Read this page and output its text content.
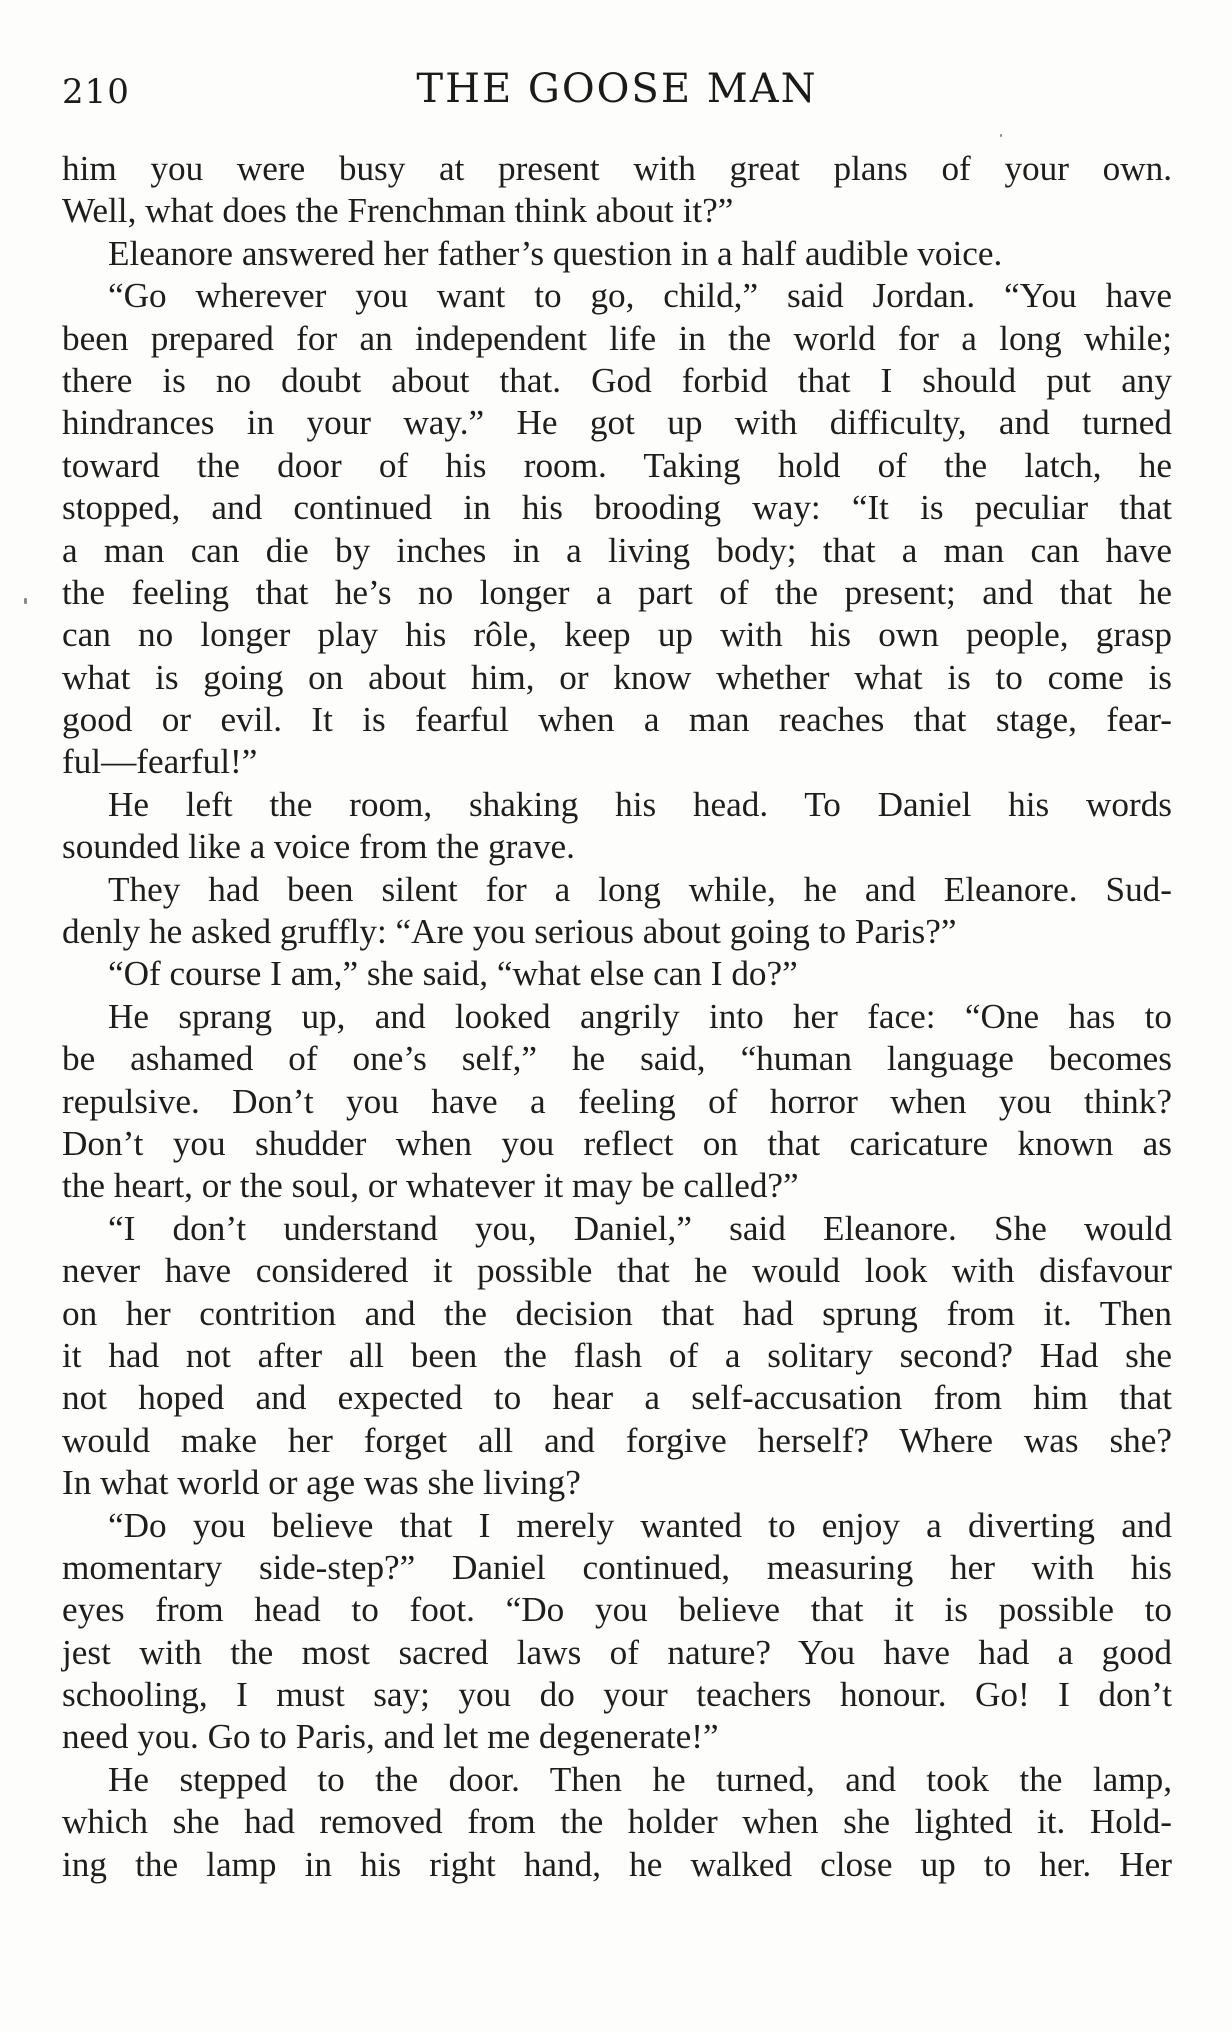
210	THE GOOSE MAN
him you were busy at present with great plans of your own.
Well, what does the Frenchman think about it?”
Eleanore answered her father’s question in a half audible voice.
“Go wherever you want to go, child,” said Jordan. “You have
been prepared for an independent life in the world for a long while;
there is no doubt about that. God forbid that I should put any
hindrances in your way.” He got up with difficulty, and turned
toward the door of his room. Taking hold of the latch, he
stopped, and continued in his brooding way: “It is peculiar that
a man can die by inches in a living body; that a man can have
the feeling that he’s no longer a part of the present; and that he
can no longer play his rôle, keep up with his own people, grasp
what is going on about him, or know whether what is to come is
good or evil. It is fearful when a man reaches that stage, fear-
ful—fearful!”
He left the room, shaking his head. To Daniel his words
sounded like a voice from the grave.
They had been silent for a long while, he and Eleanore. Sud-
denly he asked gruffly: “Are you serious about going to Paris?”
“Of course I am,” she said, “what else can I do?”
He sprang up, and looked angrily into her face: “One has to
be ashamed of one’s self,” he said, “human language becomes
repulsive. Don’t you have a feeling of horror when you think?
Don’t you shudder when you reflect on that caricature known as
the heart, or the soul, or whatever it may be called?”
“I don’t understand you, Daniel,” said Eleanore. She would
never have considered it possible that he would look with disfavour
on her contrition and the decision that had sprung from it. Then
it had not after all been the flash of a solitary second? Had she
not hoped and expected to hear a self-accusation from him that
would make her forget all and forgive herself? Where was she?
In what world or age was she living?
“Do you believe that I merely wanted to enjoy a diverting and
momentary side-step?” Daniel continued, measuring her with his
eyes from head to foot. “Do you believe that it is possible to
jest with the most sacred laws of nature? You have had a good
schooling, I must say; you do your teachers honour. Go! I don’t
need you. Go to Paris, and let me degenerate!”
He stepped to the door. Then he turned, and took the lamp,
which she had removed from the holder when she lighted it. Hold-
ing the lamp in his right hand, he walked close up to her. Her
